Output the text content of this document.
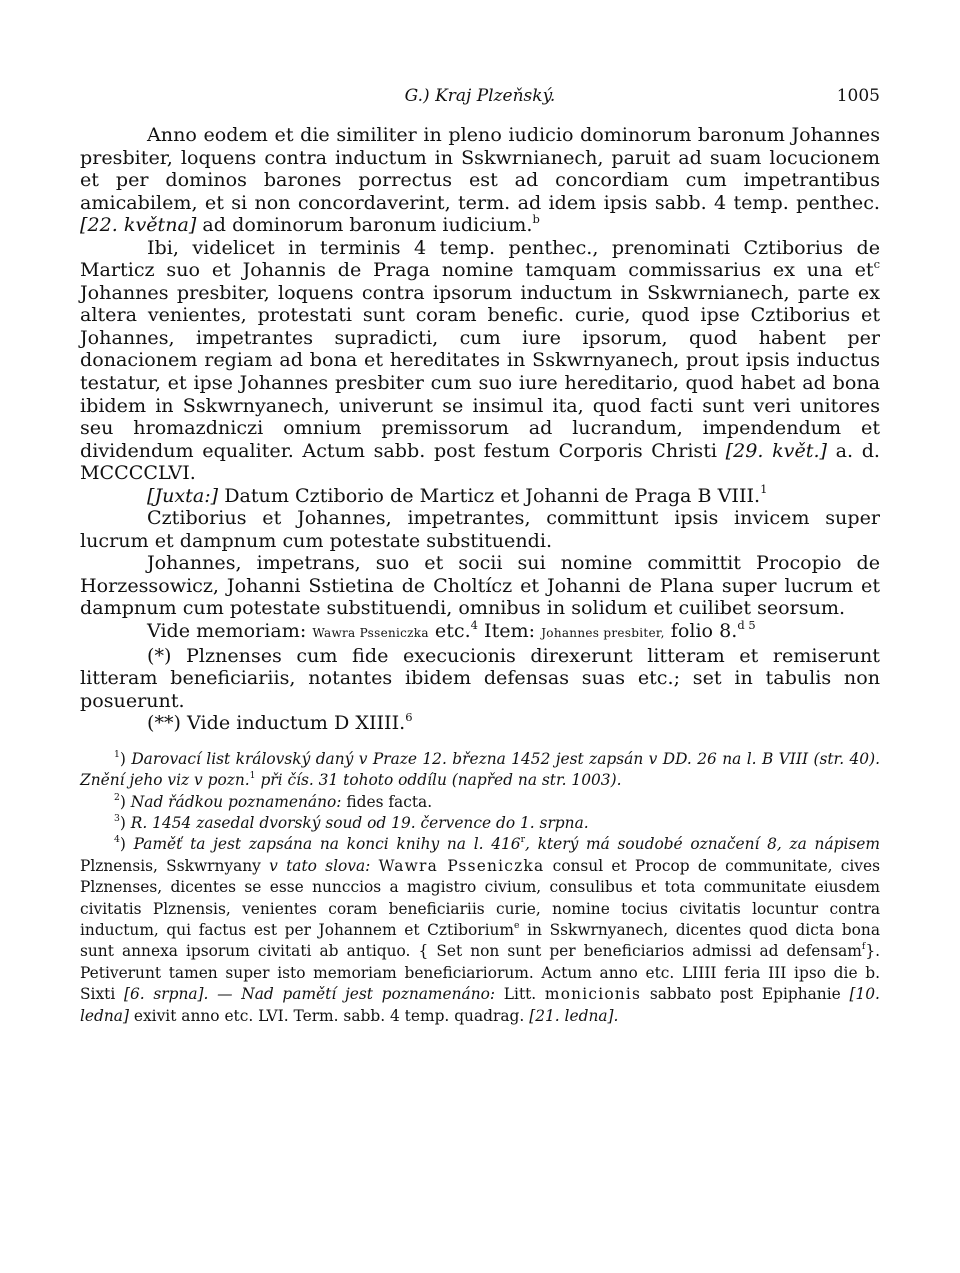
G.) Kraj Plzeňský.	1005

Anno eodem et die similiter in pleno iudicio dominorum baronum Johannes presbiter, loquens contra inductum in Sskwrnianech, paruit ad suam locucionem et per dominos barones porrectus est ad concordiam cum impetrantibus amicabilem, et si non concordaverint, term. ad idem ipsis sabb. 4 temp. penthec. [22. května] ad dominorum baronum iudicium.$^b$

Ibi, videlicet in terminis 4 temp. penthec., prenominati Cztiborius de Marticz suo et Johannis de Praga nomine tamquam commissarius ex una $et^c$ Johannes presbiter, loquens contra ipsorum inductum in Sskwrnianech, parte ex altera venientes, protestati sunt coram benefic. curie, quod ipse Cztiborius et Johannes, impetrantes supradicti, cum iure ipsorum, quod habent per donacionem regiam ad bona et hereditates in Sskwrnyanech, prout ipsis inductus testatur, et ipse Johannes presbiter cum suo iure hereditario, quod habet ad bona ibidem in Sskwrnyanech, univerunt se insimul ita, quod facti sunt veri unitores seu hromazdniczi omnium premissorum ad lucrandum, impendendum et dividendum equaliter. Actum sabb. post festum Corporis Christi [29. květ.] a. d. MCCCCLVI.

[Juxta:] Datum Cztiborio de Marticz et Johanni de Praga B VIII.$^1$

Cztiborius et Johannes, impetrantes, committunt ipsis invicem super lucrum et dampnum cum potestate substituendi.

Johannes, impetrans, suo et socii sui nomine committit Procopio de Horzessowicz, Johanni Sstietina de Choltícz et Johanni de Plana super lucrum et dampnum cum potestate substituendi, omnibus in solidum et cuilibet seorsum.

Vide memoriam: Wawra Psseniczka etc.$^4$ Item: Johannes presbiter, folio 8.$^{d 5}$

(*) Plznenses cum fide execucionis direxerunt litteram et remiserunt litteram beneficiariis, notantes ibidem defensas suas etc.; set in tabulis non posuerunt.

(**) Vide inductum D XIIII.$^6$

$^1$) Darovací list královský daný v Praze 12. března 1452 jest zapsán v DD. 26 na l. B VIII (str. 40). Znění jeho viz v pozn.$^1$ při čís. 31 tohoto oddílu (napřed na str. 1003).

$^2$) Nad řádkou poznamenáno: fides facta.

$^3$) R. 1454 zasedal dvorský soud od 19. července do 1. srpna.

$^4$) Paměť ta jest zapsána na konci knihy na l. 416$^r$, který má soudobé označení 8, za nápisem Plznensis, Sskwrnyany v tato slova: Wawra Psseniczka consul et Procop de communitate, cives Plznenses, dicentes se esse nunccios a magistro civium, consulibus et tota communitate eiusdem civitatis Plznensis, venientes coram beneficiariis curie, nomine tocius civitatis locuntur contra inductum, qui factus est per Johannem et Cztiborium$^e$ in Sskwrnyanech, dicentes quod dicta bona sunt annexa ipsorum civitati ab antiquo. { Set non sunt per beneficiarios admissi ad defensam$^f$}. Petiverunt tamen super isto memoriam beneficiariorum. Actum anno etc. LIIII feria III ipso die b. Sixti [6. srpna]. — Nad pamětí jest poznamenáno: Litt. monicionis sabbato post Epiphanie [10. ledna] exivit anno etc. LVI. Term. sabb. 4 temp. quadrag. [21. ledna].
